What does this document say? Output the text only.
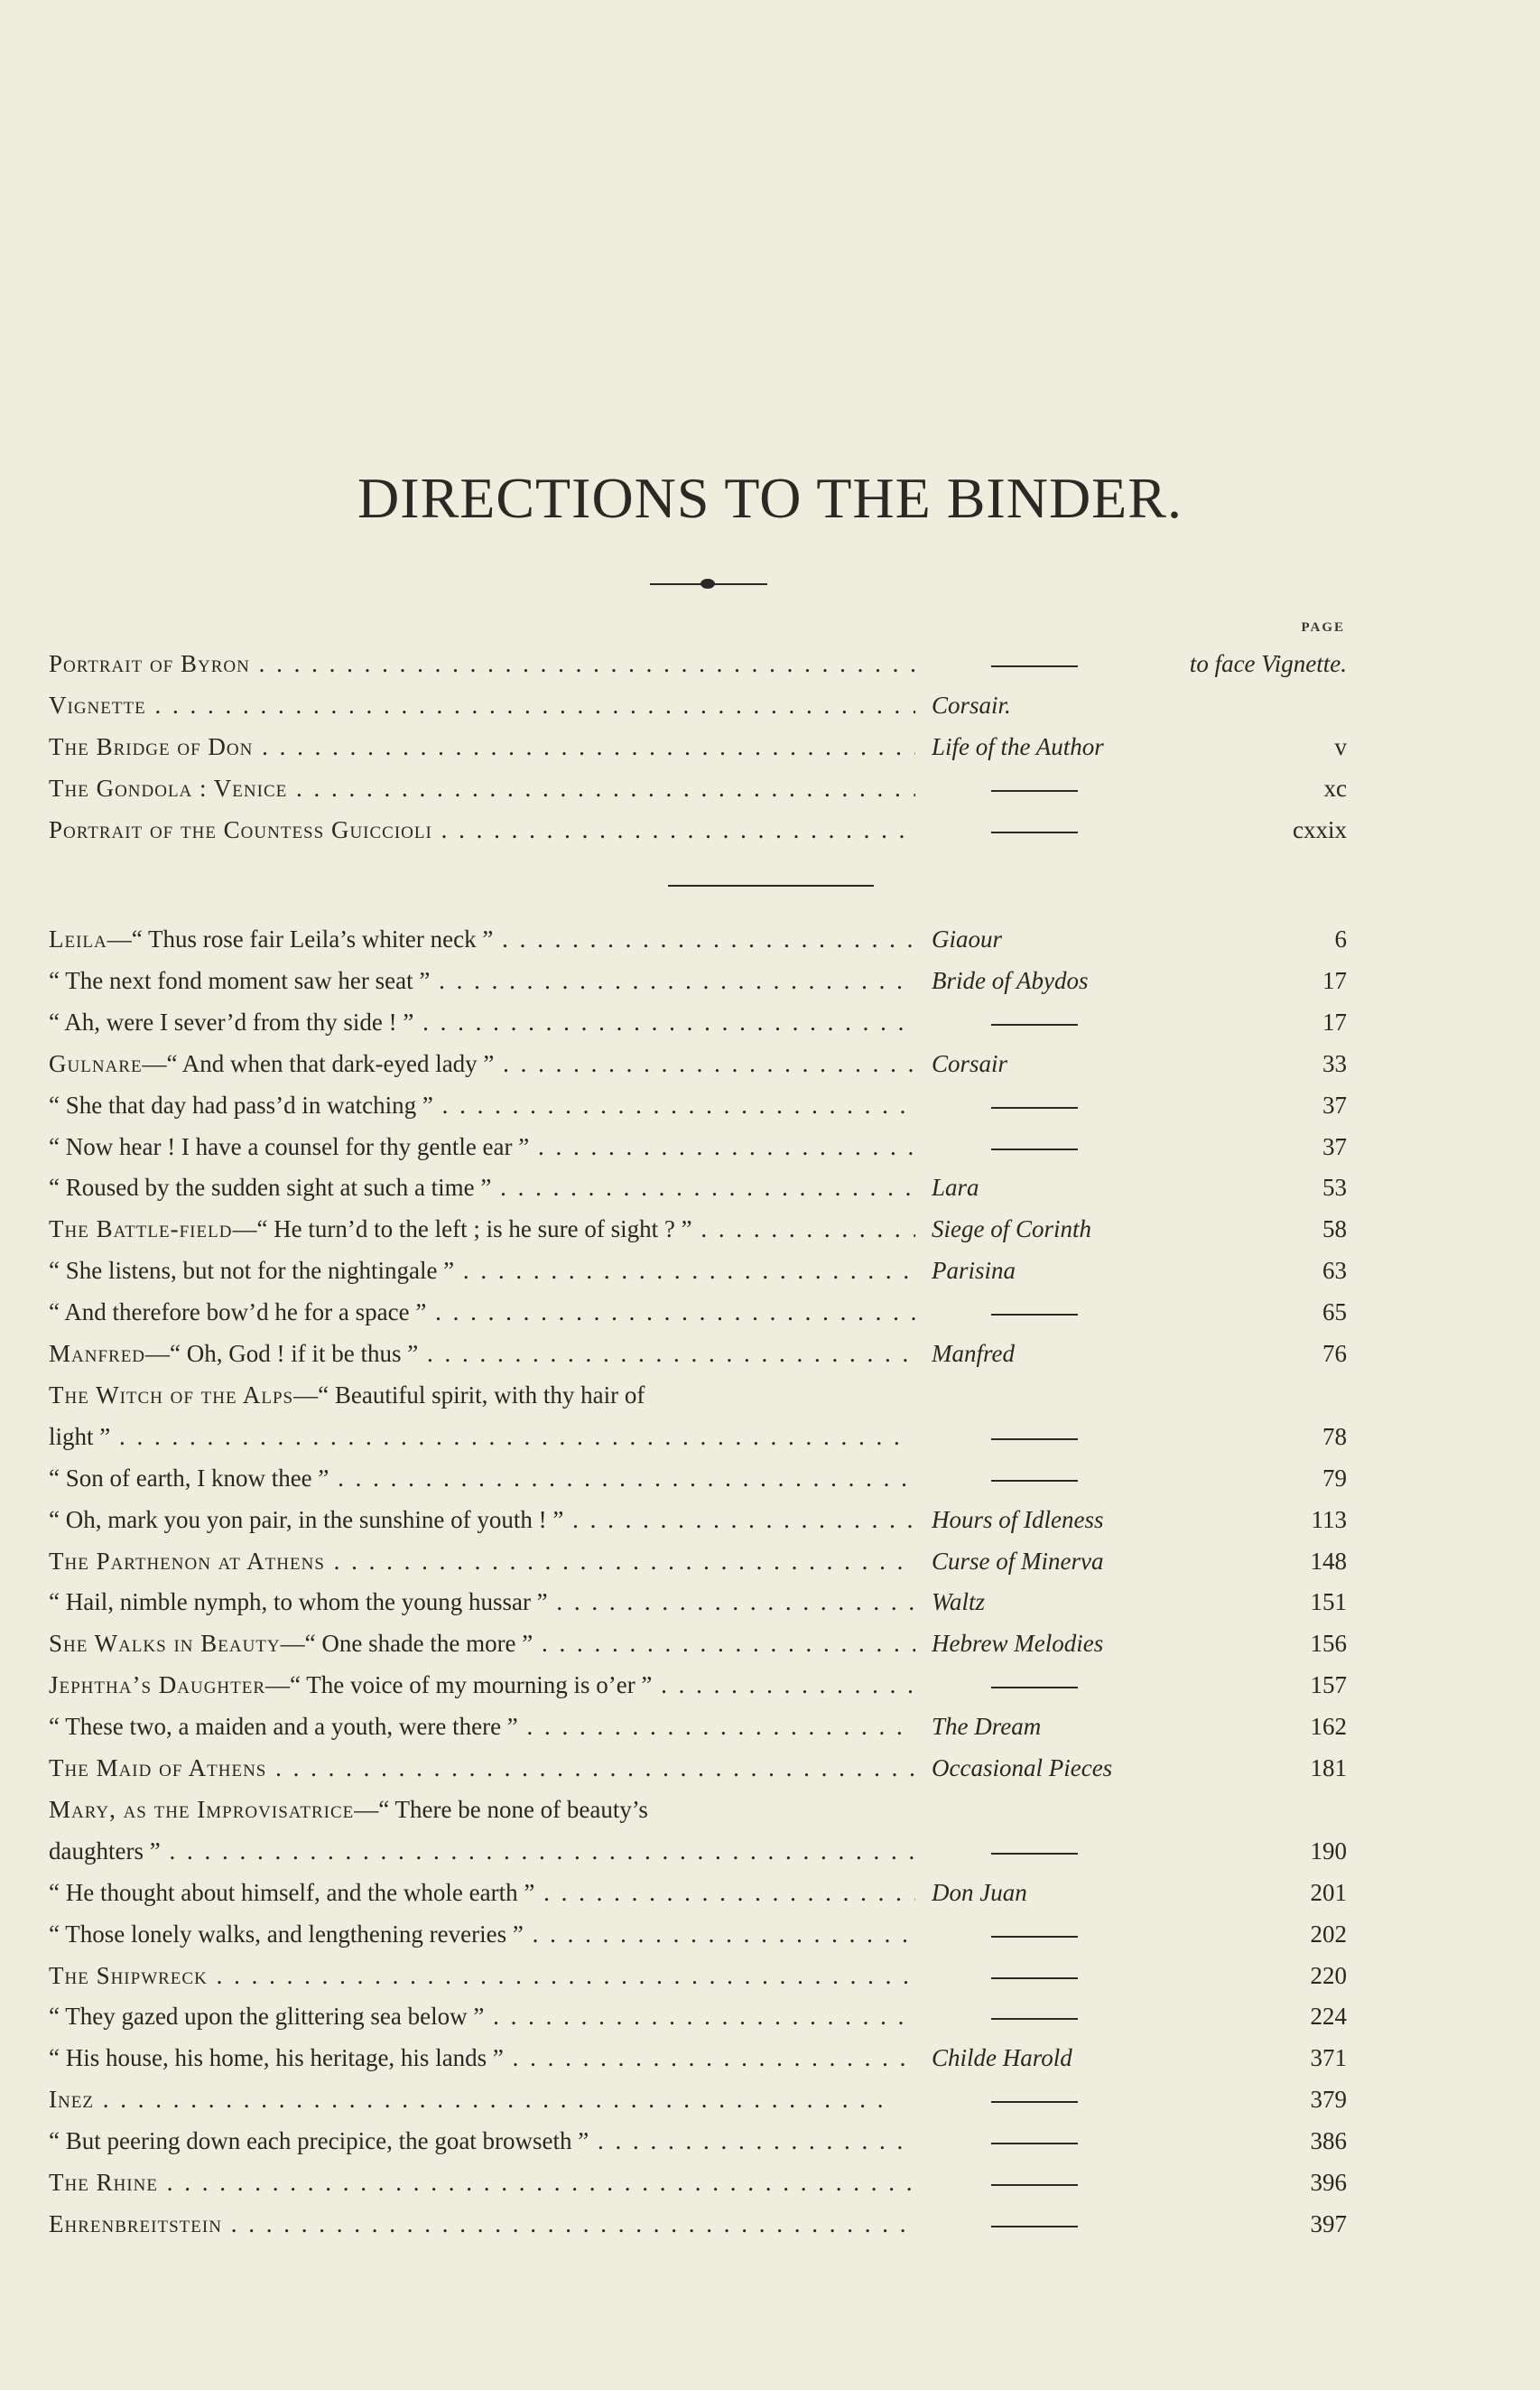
DIRECTIONS TO THE BINDER.
PAGE
Portrait of Byron . . .	to face Vignette.
Vignette . . .	Corsair.
The Bridge of Don . . .	Life of the Author	v
The Gondola : Venice . . .	xc
Portrait of the Countess Guiccioli . . .	cxxix
Leila—“ Thus rose fair Leila’s whiter neck ” . . .	Giaour	6
“ The next fond moment saw her seat ” . . .	Bride of Abydos	17
“ Ah, were I sever’d from thy side ! ” . . .	17
Gulnare—“ And when that dark-eyed lady ” . . .	Corsair	33
“ She that day had pass’d in watching ” . . .	37
“ Now hear ! I have a counsel for thy gentle ear ” . . .	37
“ Roused by the sudden sight at such a time ” . . .	Lara	53
The Battle-field—“ He turn’d to the left ; is he sure of sight ? ” . . .	Siege of Corinth	58
“ She listens, but not for the nightingale ” . . .	Parisina	63
“ And therefore bow’d he for a space ” . . .	65
Manfred—“ Oh, God ! if it be thus ” . . .	Manfred	76
The Witch of the Alps—“ Beautiful spirit, with thy hair of
light ” . . .	78
“ Son of earth, I know thee ” . . .	79
“ Oh, mark you yon pair, in the sunshine of youth ! ” . . .	Hours of Idleness	113
The Parthenon at Athens . . .	Curse of Minerva	148
“ Hail, nimble nymph, to whom the young hussar ” . . .	Waltz	151
She Walks in Beauty—“ One shade the more ” . . .	Hebrew Melodies	156
Jephtha’s Daughter—“ The voice of my mourning is o’er ” . . .	157
“ These two, a maiden and a youth, were there ” . . .	The Dream	162
The Maid of Athens . . .	Occasional Pieces	181
Mary, as the Improvisatrice—“ There be none of beauty’s
daughters ” . . .	190
“ He thought about himself, and the whole earth ” . . .	Don Juan	201
“ Those lonely walks, and lengthening reveries ” . . .	202
The Shipwreck . . .	220
“ They gazed upon the glittering sea below ” . . .	224
“ His house, his home, his heritage, his lands ” . . .	Childe Harold	371
Inez . . .	379
“ But peering down each precipice, the goat browseth ” . . .	386
The Rhine . . .	396
Ehrenbreitstein . . .	397
